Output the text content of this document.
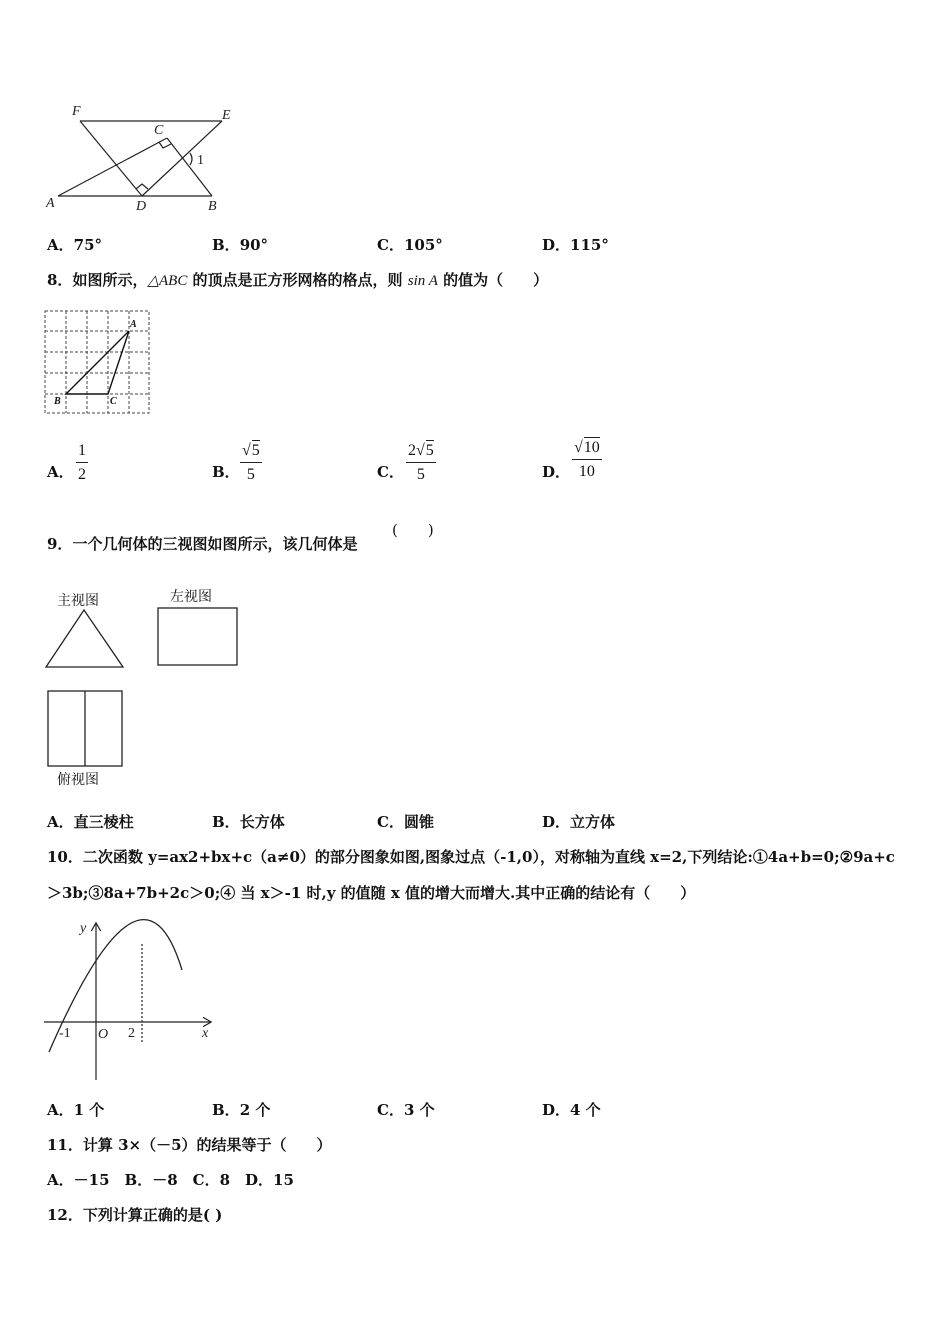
F	E
C
1
A	D	B
A．75°	B．90°	C．105°	D．115°
8．如图所示，△ABC 的顶点是正方形网格的格点，则 sin A 的值为（　　）
A
B	C
A． $\frac{1}{2}$	B． $\frac{√5}{5}$	C． $\frac{2√5}{5}$	D． $\frac{√10}{10}$
9．一个几何体的三视图如图所示，该几何体是
(　　)
主视图	左视图
俯视图
A．直三棱柱	B．长方体	C．圆锥	D．立方体
10．二次函数 y=ax2+bx+c（a≠0）的部分图象如图,图象过点（-1,0），对称轴为直线 x=2,下列结论:①4a+b=0;②9a+c
＞3b;③8a+7b+2c＞0;④ 当 x＞-1 时,y 的值随 x 值的增大而增大.其中正确的结论有（　　）
y
x
O
-1	2
A．1 个	B．2 个	C．3 个	D．4 个
11．计算 3×（－5）的结果等于（　　）
A．－15　B．－8　C．8　D．15
12．下列计算正确的是( )
